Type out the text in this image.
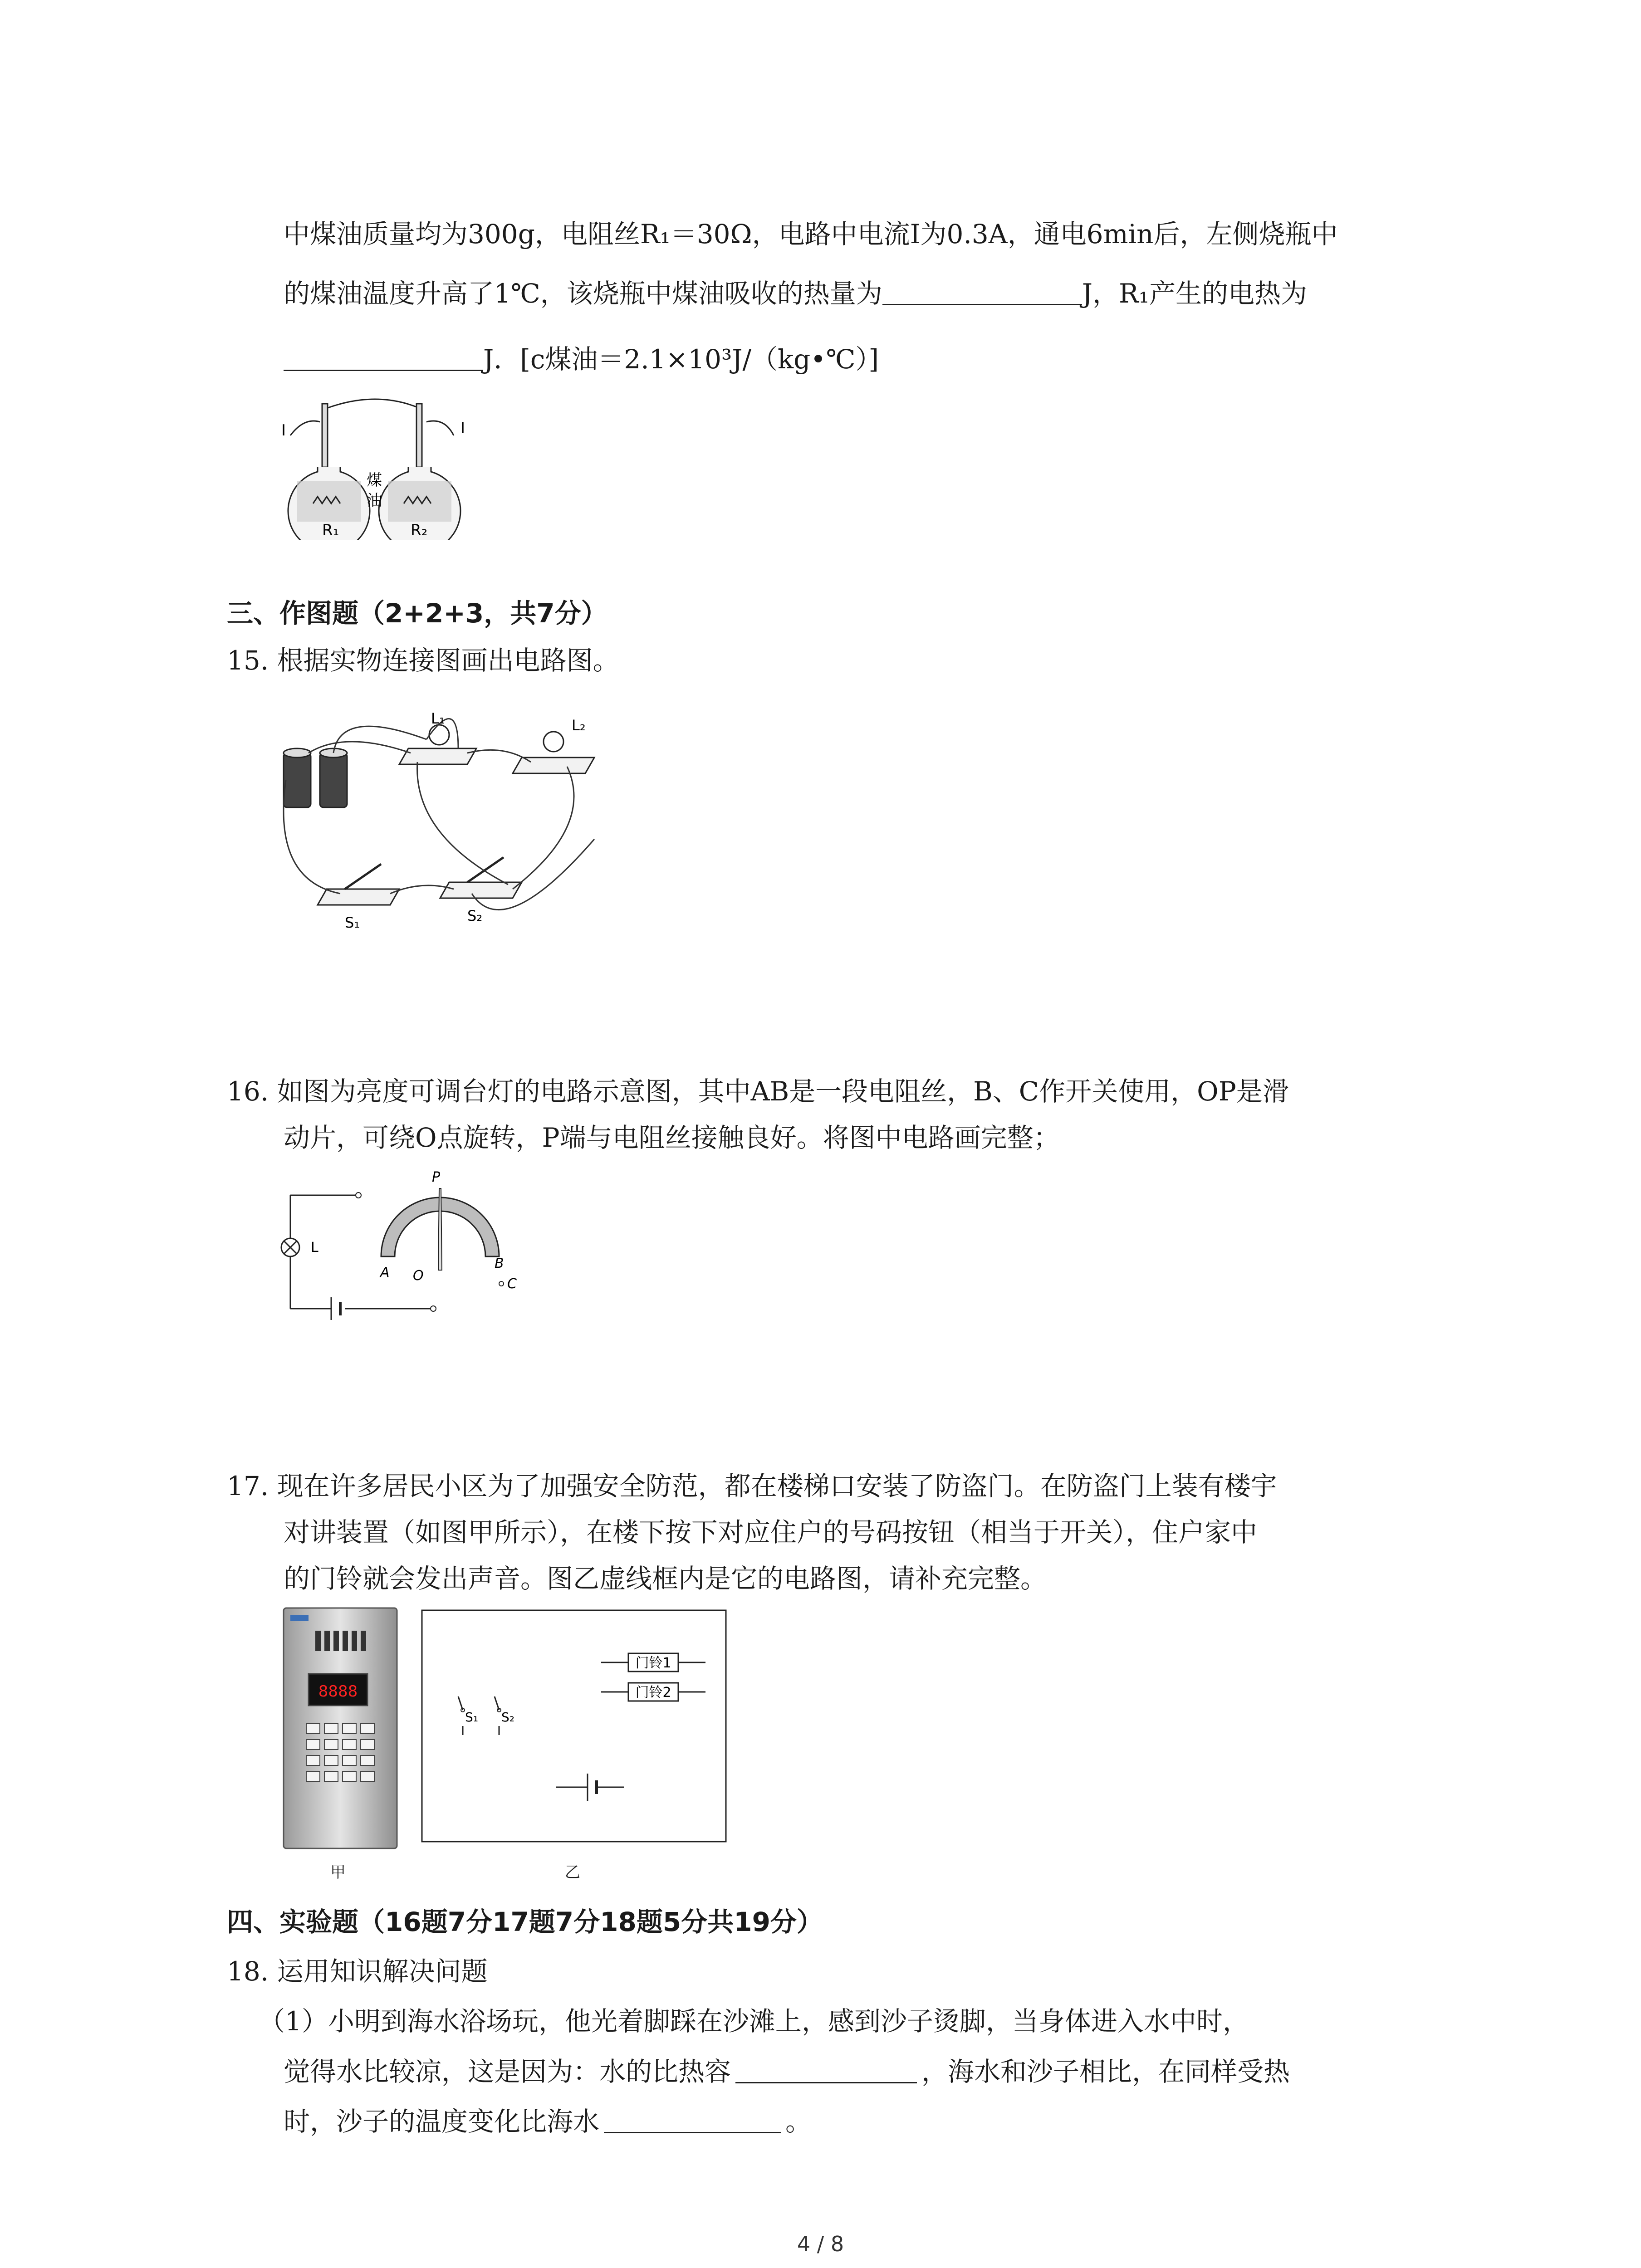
中煤油质量均为300g，电阻丝R₁＝30Ω，电路中电流I为0.3A，通电6min后，左侧烧瓶中
的煤油温度升高了1℃，该烧瓶中煤油吸收的热量为	J，R₁产生的电热为
J．[c煤油＝2.1×10³J/（kg•℃）]
I	I
煤
油
R₁	R₂
三、作图题（2+2+3，共7分）
15. 根据实物连接图画出电路图。
L₁	L₂
S₁	S₂
16. 如图为亮度可调台灯的电路示意图，其中AB是一段电阻丝，B、C作开关使用，OP是滑
动片，可绕O点旋转，P端与电阻丝接触良好。将图中电路画完整；
P
L
A O
B
C
17. 现在许多居民小区为了加强安全防范，都在楼梯口安装了防盗门。在防盗门上装有楼宇
对讲装置（如图甲所示），在楼下按下对应住户的号码按钮（相当于开关），住户家中
的门铃就会发出声音。图乙虚线框内是它的电路图，请补充完整。
8888
甲
门铃1
门铃2
S₁ S₂
乙
四、实验题（16题7分17题7分18题5分共19分）
18. 运用知识解决问题
（1）小明到海水浴场玩，他光着脚踩在沙滩上，感到沙子烫脚，当身体进入水中时，
觉得水比较凉，这是因为：水的比热容	，海水和沙子相比，在同样受热
时，沙子的温度变化比海水	。
4 / 8
